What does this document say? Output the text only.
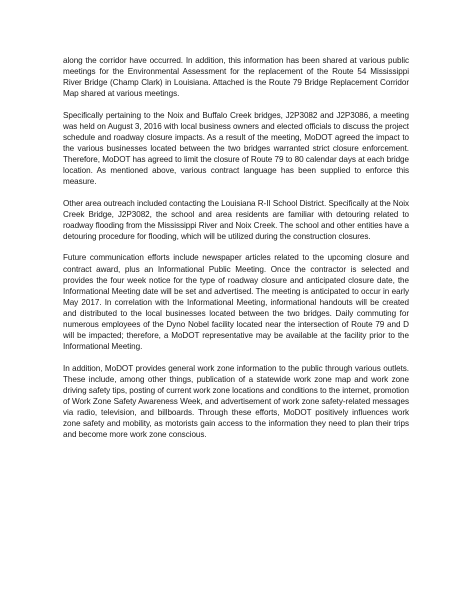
along the corridor have occurred. In addition, this information has been shared at various public meetings for the Environmental Assessment for the replacement of the Route 54 Mississippi River Bridge (Champ Clark) in Louisiana. Attached is the Route 79 Bridge Replacement Corridor Map shared at various meetings.

Specifically pertaining to the Noix and Buffalo Creek bridges, J2P3082 and J2P3086, a meeting was held on August 3, 2016 with local business owners and elected officials to discuss the project schedule and roadway closure impacts. As a result of the meeting, MoDOT agreed the impact to the various businesses located between the two bridges warranted strict closure enforcement. Therefore, MoDOT has agreed to limit the closure of Route 79 to 80 calendar days at each bridge location. As mentioned above, various contract language has been supplied to enforce this measure.

Other area outreach included contacting the Louisiana R-II School District. Specifically at the Noix Creek Bridge, J2P3082, the school and area residents are familiar with detouring related to roadway flooding from the Mississippi River and Noix Creek. The school and other entities have a detouring procedure for flooding, which will be utilized during the construction closures.

Future communication efforts include newspaper articles related to the upcoming closure and contract award, plus an Informational Public Meeting. Once the contractor is selected and provides the four week notice for the type of roadway closure and anticipated closure date, the Informational Meeting date will be set and advertised. The meeting is anticipated to occur in early May 2017. In correlation with the Informational Meeting, informational handouts will be created and distributed to the local businesses located between the two bridges. Daily commuting for numerous employees of the Dyno Nobel facility located near the intersection of Route 79 and D will be impacted; therefore, a MoDOT representative may be available at the facility prior to the Informational Meeting.

In addition, MoDOT provides general work zone information to the public through various outlets. These include, among other things, publication of a statewide work zone map and work zone driving safety tips, posting of current work zone locations and conditions to the internet, promotion of Work Zone Safety Awareness Week, and advertisement of work zone safety-related messages via radio, television, and billboards. Through these efforts, MoDOT positively influences work zone safety and mobility, as motorists gain access to the information they need to plan their trips and become more work zone conscious.
